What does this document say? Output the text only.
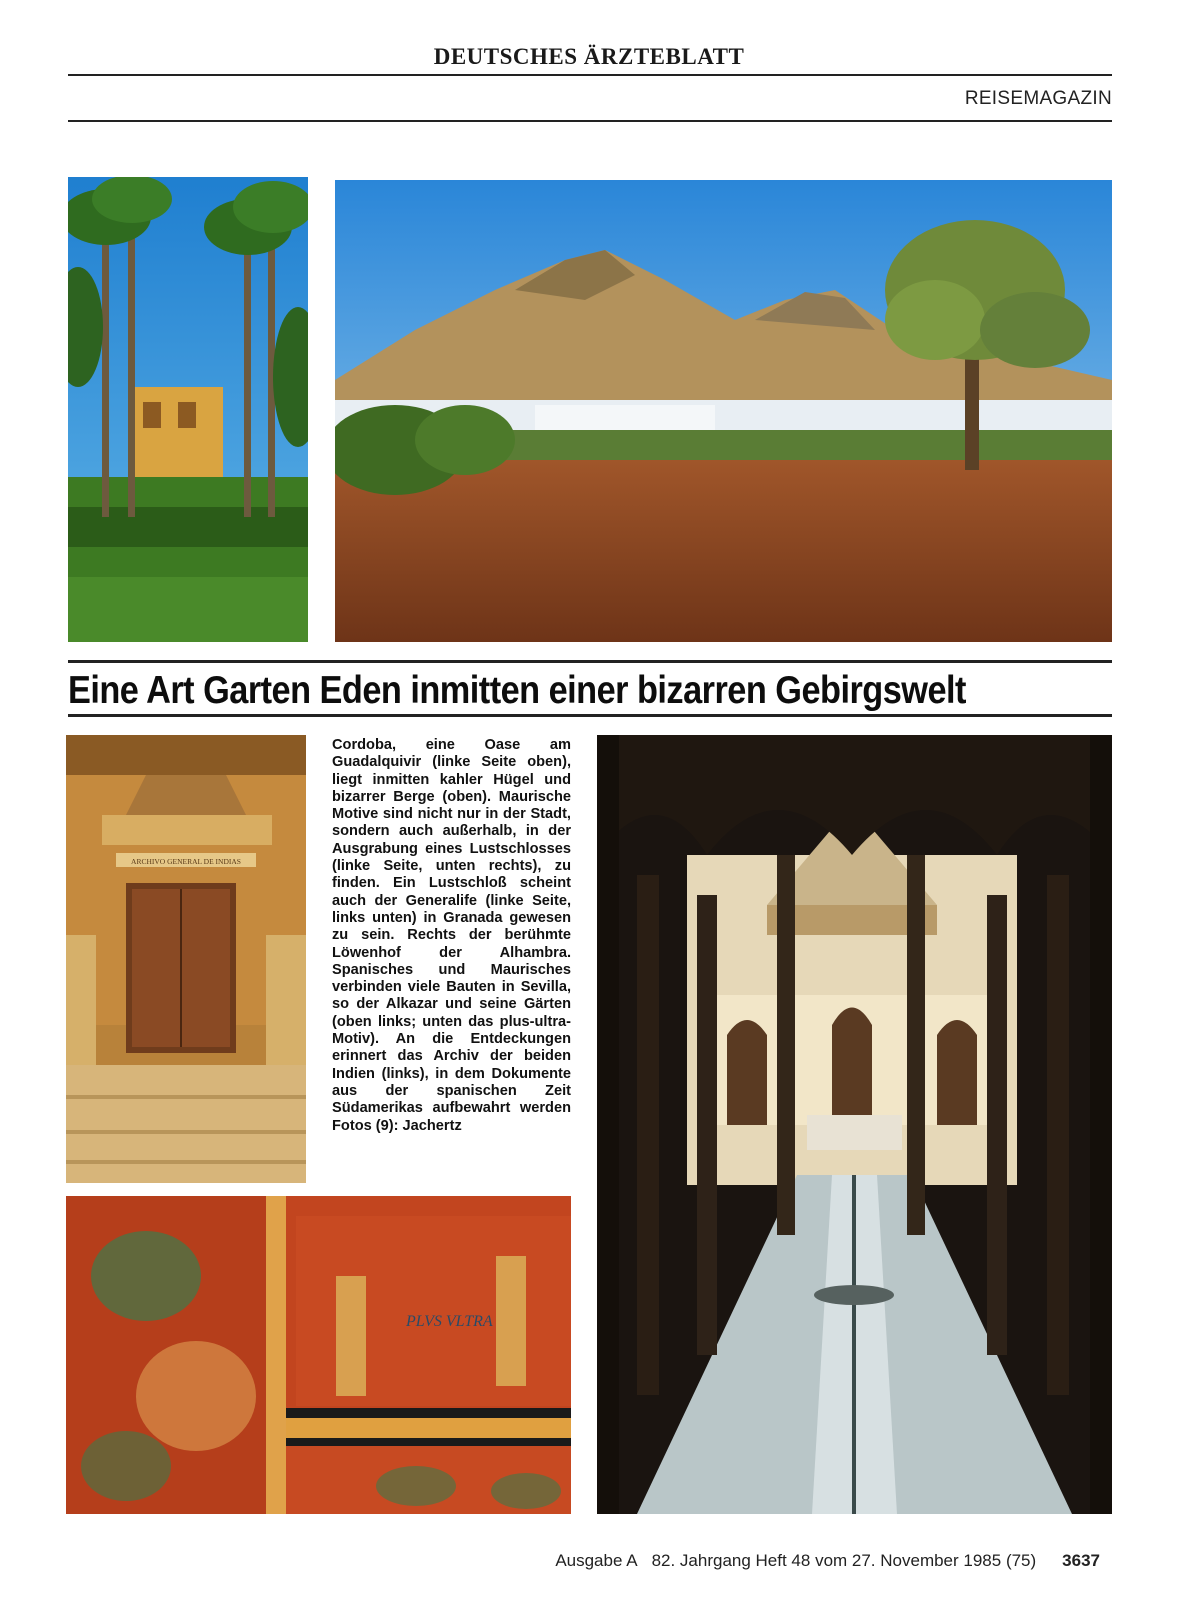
DEUTSCHES ÄRZTEBLATT
REISEMAGAZIN
Eine Art Garten Eden inmitten einer bizarren Gebirgswelt
ARCHIVO GENERAL DE INDIAS
Cordoba, eine Oase am Guadalquivir (linke Seite oben), liegt inmitten kahler Hügel und bizarrer Berge (oben). Maurische Motive sind nicht nur in der Stadt, sondern auch außerhalb, in der Ausgrabung eines Lustschlosses (linke Seite, unten rechts), zu finden. Ein Lustschloß scheint auch der Generalife (linke Seite, links unten) in Granada gewesen zu sein. Rechts der berühmte Löwenhof der Alhambra. Spanisches und Maurisches verbinden viele Bauten in Sevilla, so der Alkazar und seine Gärten (oben links; unten das plus-ultra-Motiv). An die Entdeckungen erinnert das Archiv der beiden Indien (links), in dem Dokumente aus der spanischen Zeit Südamerikas aufbewahrt werden Fotos (9): Jachertz
PLVS VLTRA
Ausgabe A 82. Jahrgang Heft 48 vom 27. November 1985 (75) 3637
